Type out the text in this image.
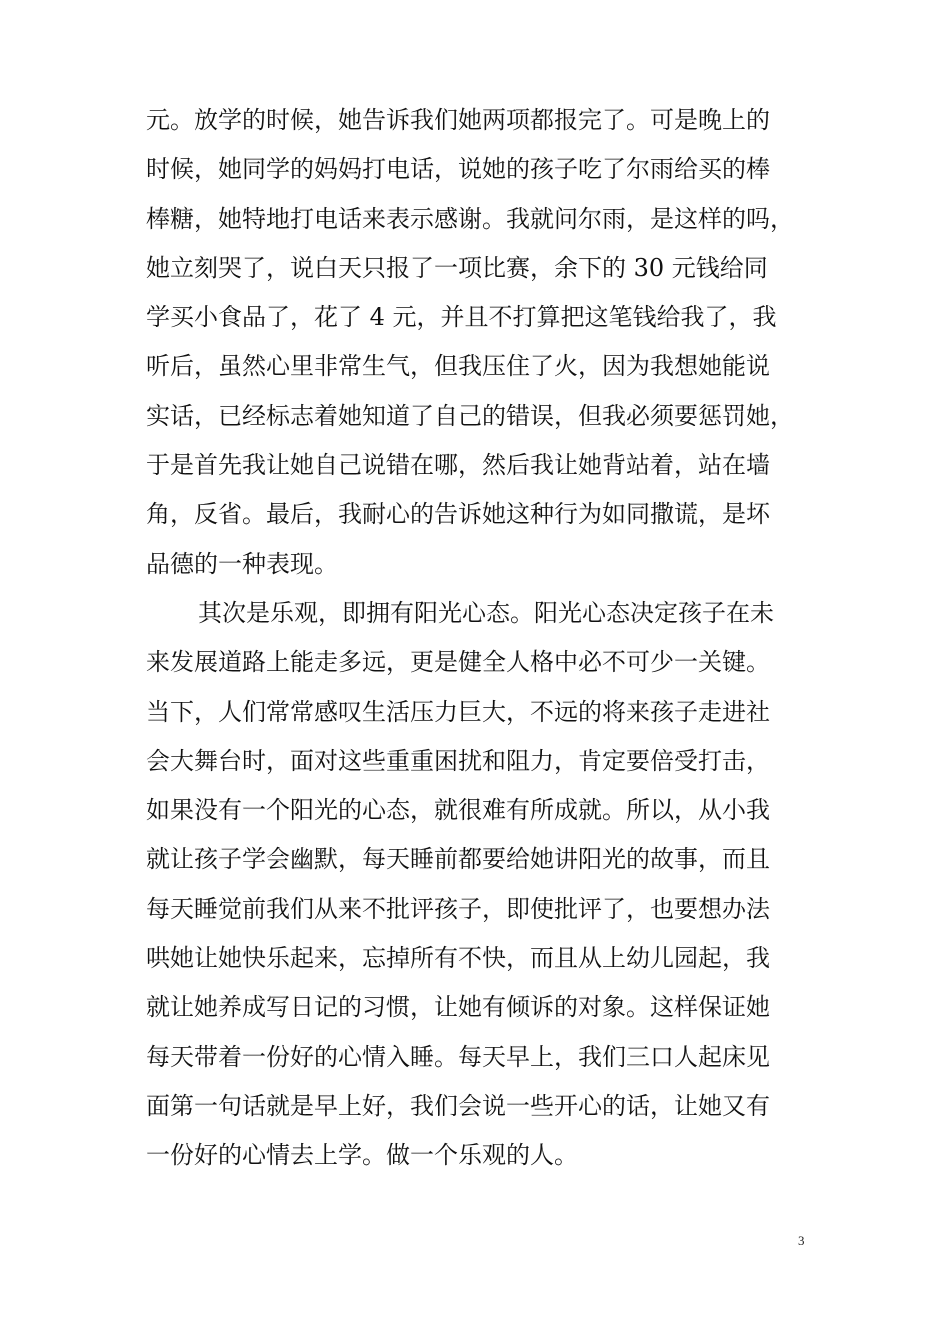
元。放学的时候，她告诉我们她两项都报完了。可是晚上的
时候，她同学的妈妈打电话，说她的孩子吃了尔雨给买的棒
棒糖，她特地打电话来表示感谢。我就问尔雨，是这样的吗，
她立刻哭了，说白天只报了一项比赛，余下的 30 元钱给同
学买小食品了，花了 4 元，并且不打算把这笔钱给我了，我
听后，虽然心里非常生气，但我压住了火，因为我想她能说
实话，已经标志着她知道了自己的错误，但我必须要惩罚她，
于是首先我让她自己说错在哪，然后我让她背站着，站在墙
角，反省。最后，我耐心的告诉她这种行为如同撒谎，是坏
品德的一种表现。
其次是乐观，即拥有阳光心态。阳光心态决定孩子在未
来发展道路上能走多远，更是健全人格中必不可少一关键。
当下，人们常常感叹生活压力巨大，不远的将来孩子走进社
会大舞台时，面对这些重重困扰和阻力，肯定要倍受打击，
如果没有一个阳光的心态，就很难有所成就。所以，从小我
就让孩子学会幽默，每天睡前都要给她讲阳光的故事，而且
每天睡觉前我们从来不批评孩子，即使批评了，也要想办法
哄她让她快乐起来，忘掉所有不快，而且从上幼儿园起，我
就让她养成写日记的习惯，让她有倾诉的对象。这样保证她
每天带着一份好的心情入睡。每天早上，我们三口人起床见
面第一句话就是早上好，我们会说一些开心的话，让她又有
一份好的心情去上学。做一个乐观的人。
3
